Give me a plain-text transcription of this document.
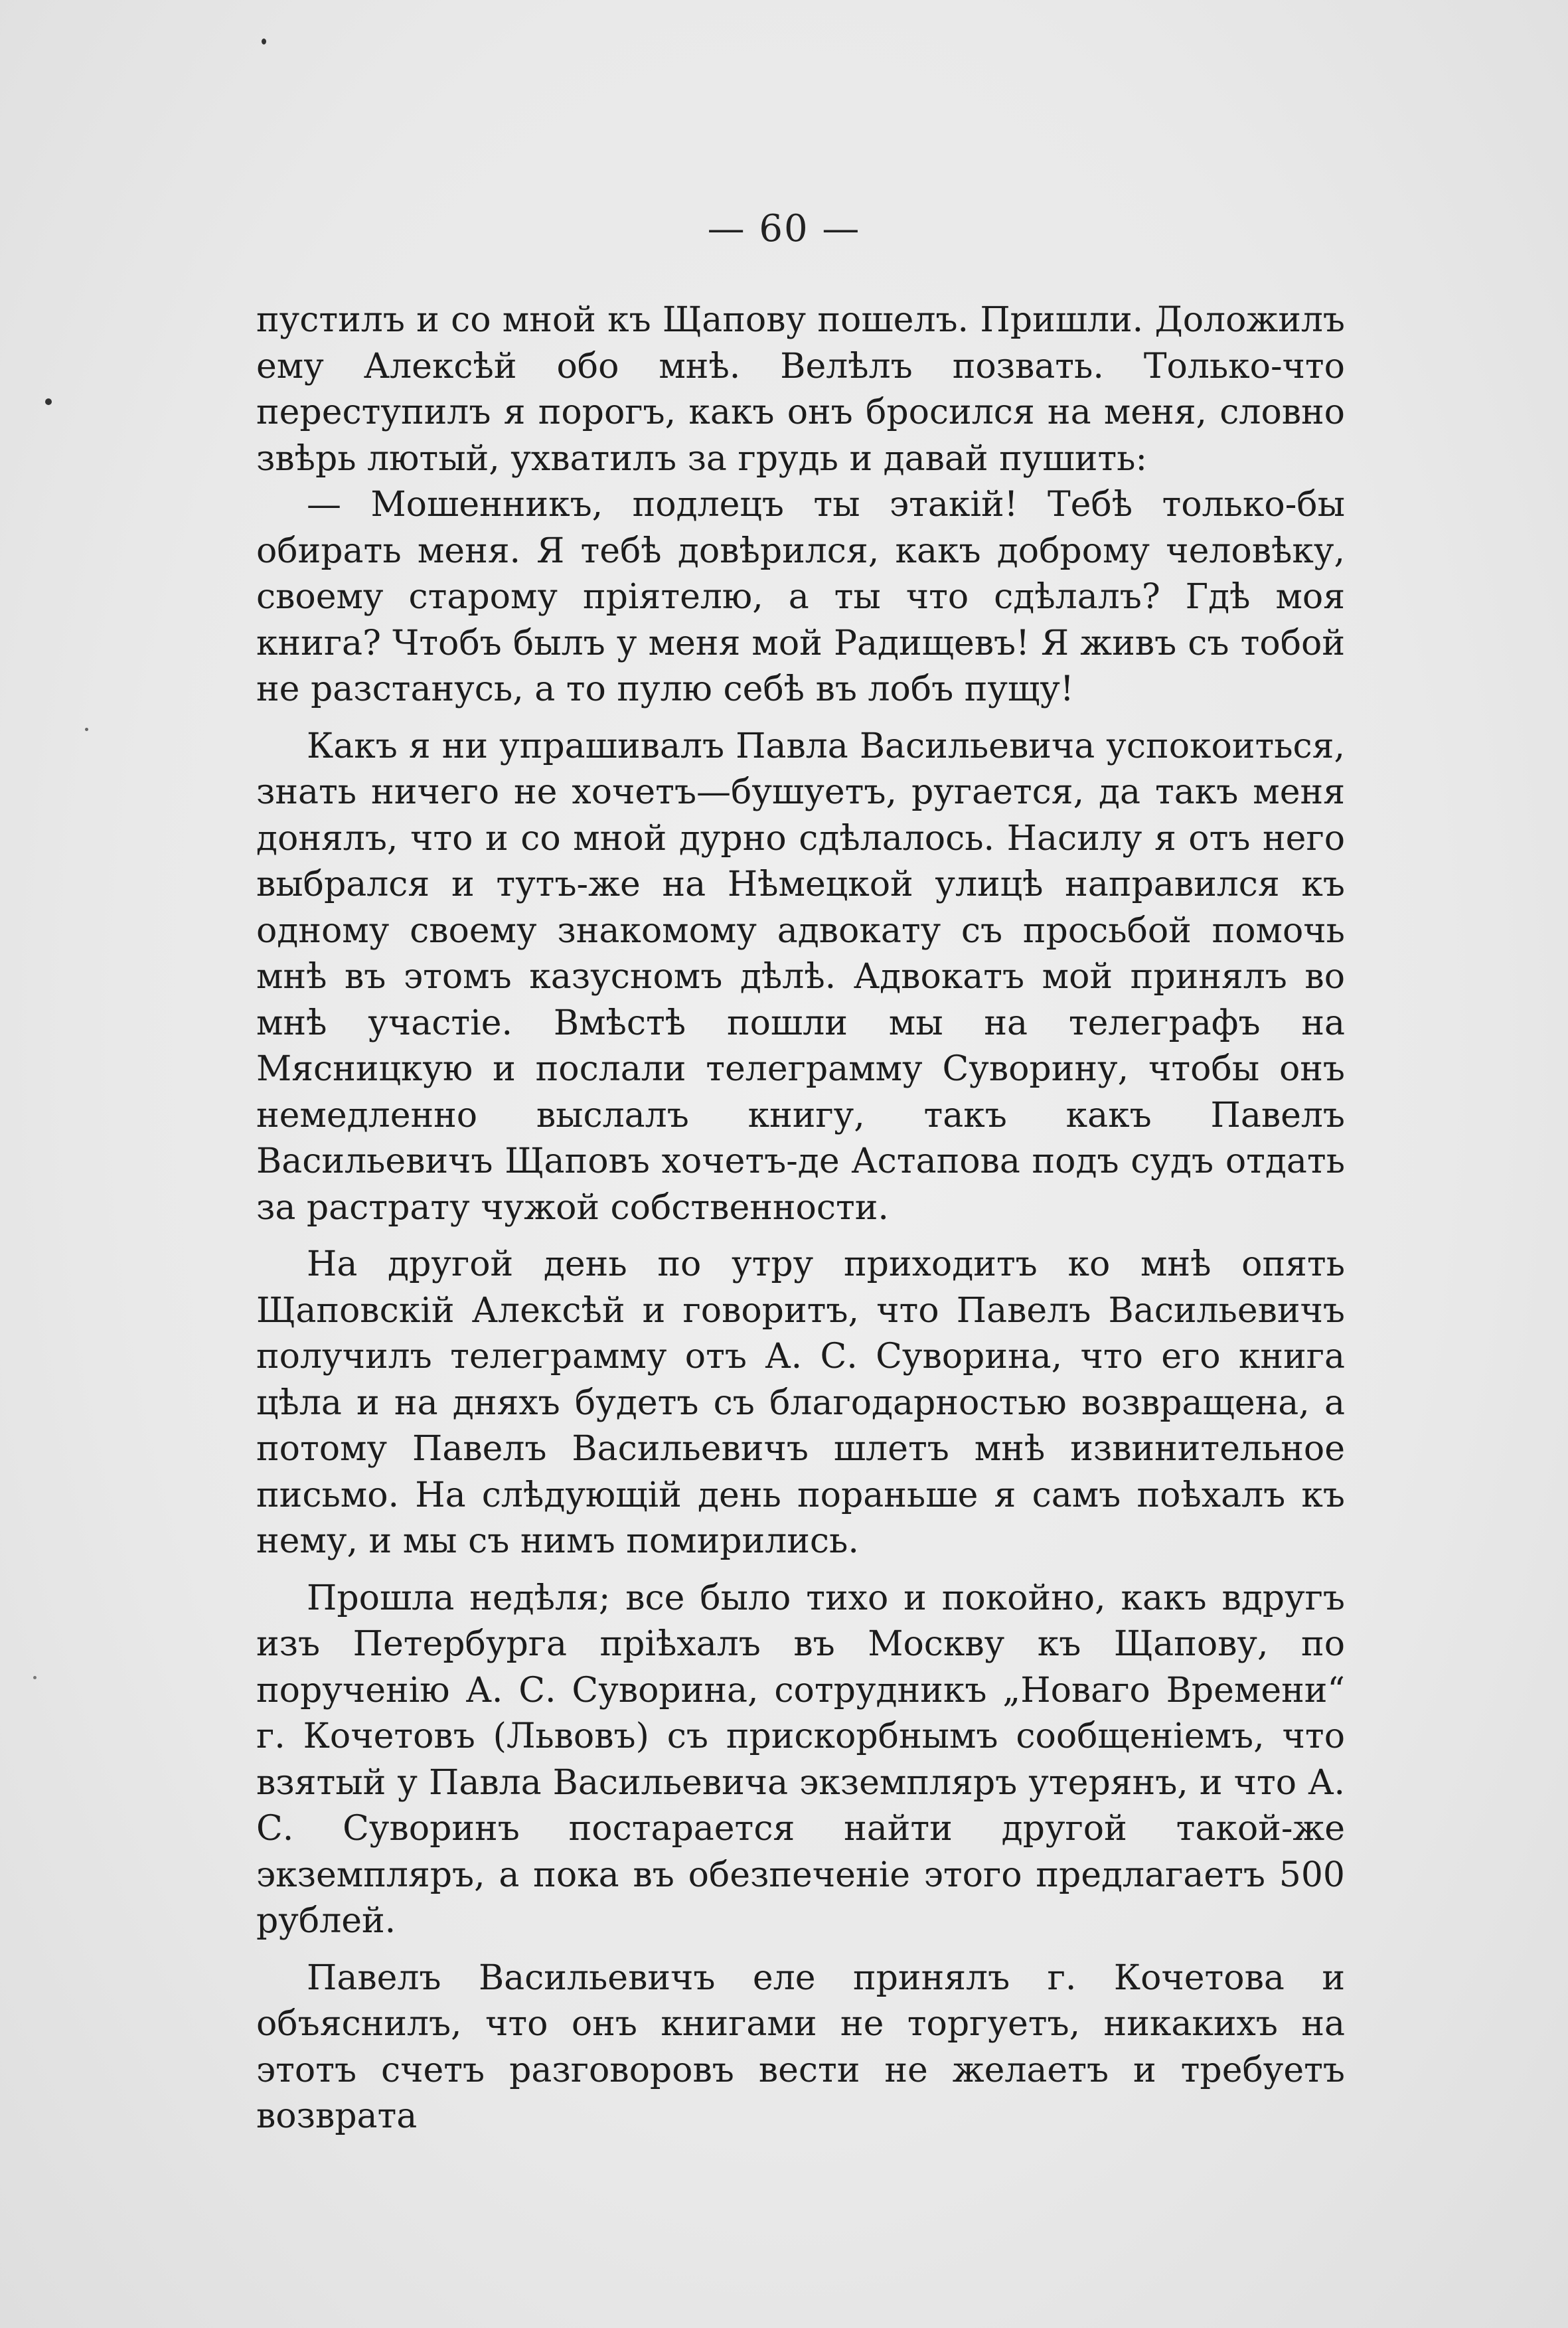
— 60 —

пустилъ и со мной къ Щапову пошелъ. Пришли. Доложилъ ему Алексѣй обо мнѣ. Велѣлъ позвать. Только-что переступилъ я порогъ, какъ онъ бросился на меня, словно звѣрь лютый, ухватилъ за грудь и давай пушить:

— Мошенникъ, подлецъ ты этакій! Тебѣ только-бы обирать меня. Я тебѣ довѣрился, какъ доброму человѣку, своему старому пріятелю, а ты что сдѣлалъ? Гдѣ моя книга? Чтобъ былъ у меня мой Радищевъ! Я живъ съ тобой не разстанусь, а то пулю себѣ въ лобъ пущу!

Какъ я ни упрашивалъ Павла Васильевича успокоиться, знать ничего не хочетъ—бушуетъ, ругается, да такъ меня донялъ, что и со мной дурно сдѣлалось. Насилу я отъ него выбрался и тутъ-же на Нѣмецкой улицѣ направился къ одному своему знакомому адвокату съ просьбой помочь мнѣ въ этомъ казусномъ дѣлѣ. Адвокатъ мой принялъ во мнѣ участіе. Вмѣстѣ пошли мы на телеграфъ на Мясницкую и послали телеграмму Суворину, чтобы онъ немедленно выслалъ книгу, такъ какъ Павелъ Васильевичъ Щаповъ хочетъ-де Астапова подъ судъ отдать за растрату чужой собственности.

На другой день по утру приходитъ ко мнѣ опять Щаповскій Алексѣй и говоритъ, что Павелъ Васильевичъ получилъ телеграмму отъ А. С. Суворина, что его книга цѣла и на дняхъ будетъ съ благодарностью возвращена, а потому Павелъ Васильевичъ шлетъ мнѣ извинительное письмо. На слѣдующій день пораньше я самъ поѣхалъ къ нему, и мы съ нимъ помирились.

Прошла недѣля; все было тихо и покойно, какъ вдругъ изъ Петербурга пріѣхалъ въ Москву къ Щапову, по порученію А. С. Суворина, сотрудникъ „Новаго Времени“ г. Кочетовъ (Львовъ) съ прискорбнымъ сообщеніемъ, что взятый у Павла Васильевича экземпляръ утерянъ, и что А. С. Суворинъ постарается найти другой такой-же экземпляръ, а пока въ обезпеченіе этого предлагаетъ 500 рублей.

Павелъ Васильевичъ еле принялъ г. Кочетова и объяснилъ, что онъ книгами не торгуетъ, никакихъ на этотъ счетъ разговоровъ вести не желаетъ и требуетъ возврата
